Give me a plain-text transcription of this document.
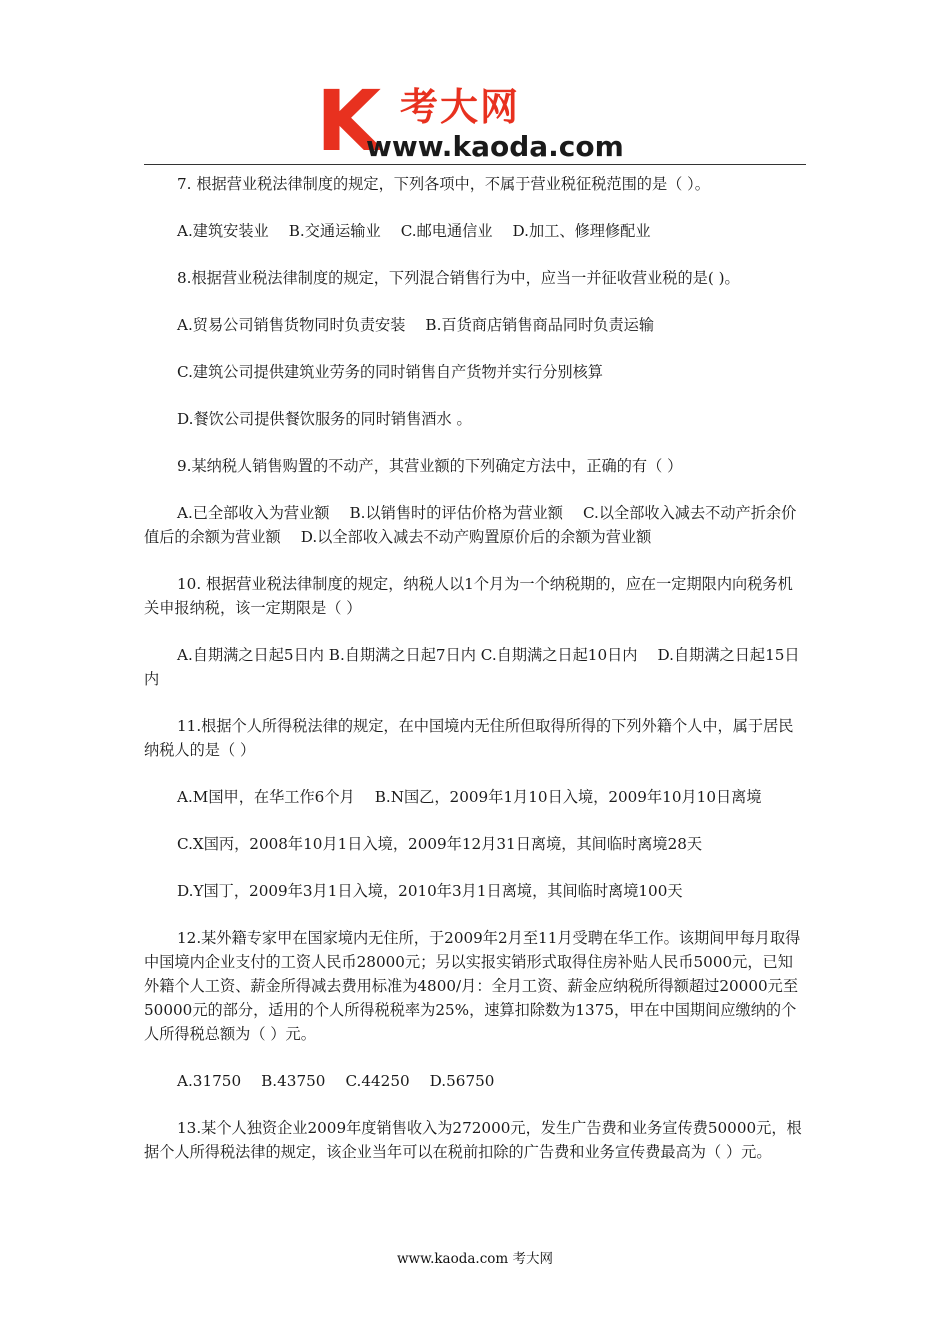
K 考大网
www.kaoda.com

7. 根据营业税法律制度的规定，下列各项中，不属于营业税征税范围的是（ ）。

A.建筑安装业　 B.交通运输业　 C.邮电通信业　 D.加工、修理修配业

8.根据营业税法律制度的规定，下列混合销售行为中，应当一并征收营业税的是( )。

A.贸易公司销售货物同时负责安装　 B.百货商店销售商品同时负责运输

C.建筑公司提供建筑业劳务的同时销售自产货物并实行分别核算

D.餐饮公司提供餐饮服务的同时销售酒水 。

9.某纳税人销售购置的不动产，其营业额的下列确定方法中，正确的有（ ）

A.已全部收入为营业额　 B.以销售时的评估价格为营业额　 C.以全部收入减去不动产折余价值后的余额为营业额　 D.以全部收入减去不动产购置原价后的余额为营业额

10. 根据营业税法律制度的规定，纳税人以1个月为一个纳税期的，应在一定期限内向税务机关申报纳税，该一定期限是（ ）

A.自期满之日起5日内 B.自期满之日起7日内 C.自期满之日起10日内　 D.自期满之日起15日内

11.根据个人所得税法律的规定，在中国境内无住所但取得所得的下列外籍个人中，属于居民纳税人的是（ ）

A.M国甲，在华工作6个月　 B.N国乙，2009年1月10日入境，2009年10月10日离境

C.X国丙，2008年10月1日入境，2009年12月31日离境，其间临时离境28天

D.Y国丁，2009年3月1日入境，2010年3月1日离境，其间临时离境100天

12.某外籍专家甲在国家境内无住所，于2009年2月至11月受聘在华工作。该期间甲每月取得中国境内企业支付的工资人民币28000元；另以实报实销形式取得住房补贴人民币5000元，已知外籍个人工资、薪金所得减去费用标准为4800/月：全月工资、薪金应纳税所得额超过20000元至50000元的部分，适用的个人所得税税率为25%，速算扣除数为1375，甲在中国期间应缴纳的个人所得税总额为（ ）元。

A.31750　 B.43750　 C.44250　 D.56750

13.某个人独资企业2009年度销售收入为272000元，发生广告费和业务宣传费50000元，根据个人所得税法律的规定，该企业当年可以在税前扣除的广告费和业务宣传费最高为（ ）元。

www.kaoda.com 考大网
